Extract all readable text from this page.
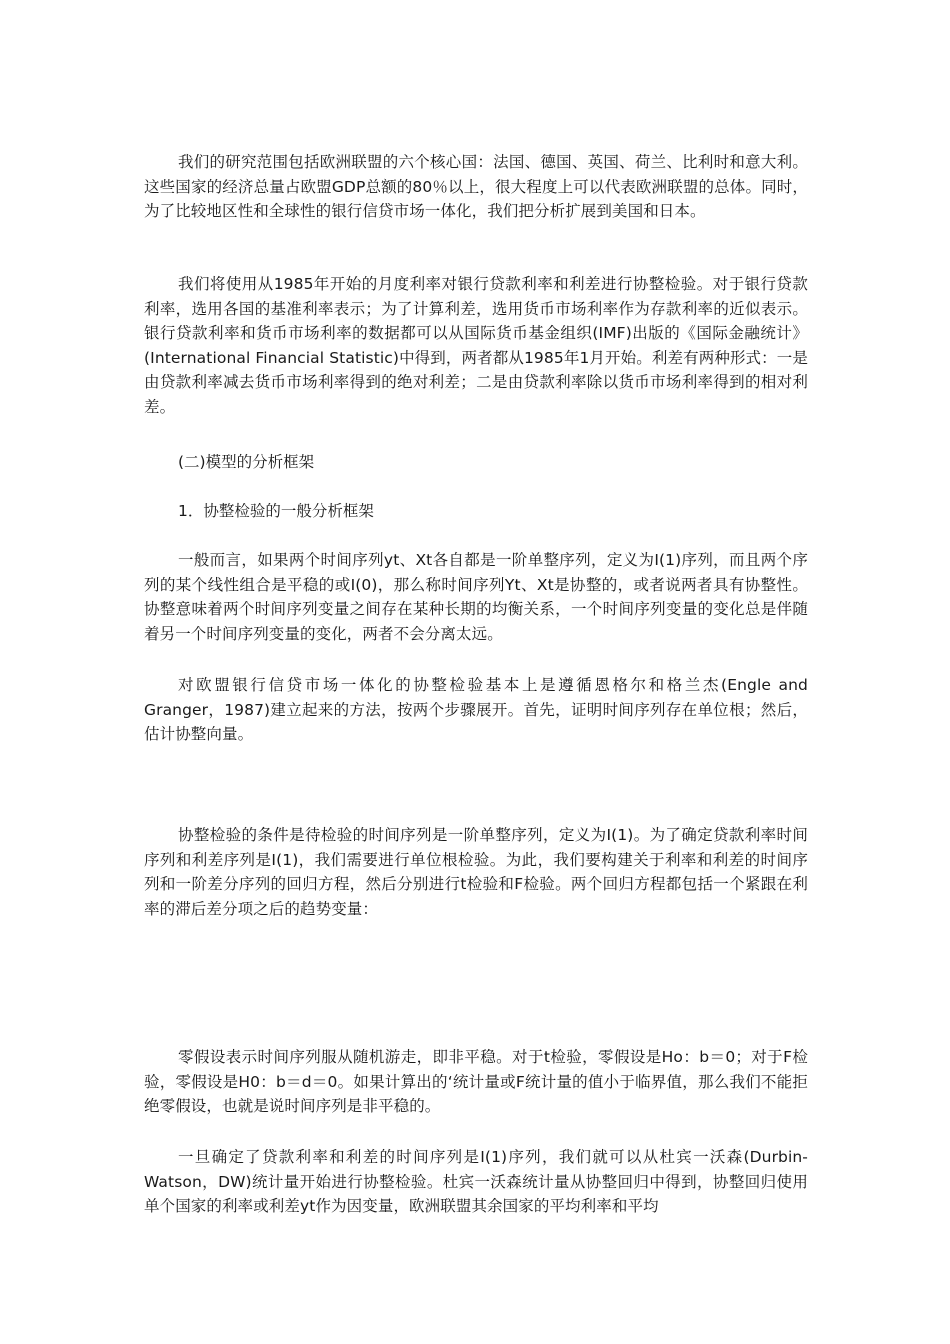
我们的研究范围包括欧洲联盟的六个核心国：法国、德国、英国、荷兰、比利时和意大利。这些国家的经济总量占欧盟GDP总额的80％以上，很大程度上可以代表欧洲联盟的总体。同时，为了比较地区性和全球性的银行信贷市场一体化，我们把分析扩展到美国和日本。

我们将使用从1985年开始的月度利率对银行贷款利率和利差进行协整检验。对于银行贷款利率，选用各国的基准利率表示；为了计算利差，选用货币市场利率作为存款利率的近似表示。银行贷款利率和货币市场利率的数据都可以从国际货币基金组织(IMF)出版的《国际金融统计》(International Financial Statistic)中得到，两者都从1985年1月开始。利差有两种形式：一是由贷款利率减去货币市场利率得到的绝对利差；二是由贷款利率除以货币市场利率得到的相对利差。

(二)模型的分析框架

1．协整检验的一般分析框架

一般而言，如果两个时间序列yt、Xt各自都是一阶单整序列，定义为I(1)序列，而且两个序列的某个线性组合是平稳的或I(0)，那么称时间序列Yt、Xt是协整的，或者说两者具有协整性。协整意味着两个时间序列变量之间存在某种长期的均衡关系，一个时间序列变量的变化总是伴随着另一个时间序列变量的变化，两者不会分离太远。

对欧盟银行信贷市场一体化的协整检验基本上是遵循恩格尔和格兰杰(Engle and Granger，1987)建立起来的方法，按两个步骤展开。首先，证明时间序列存在单位根；然后，估计协整向量。

协整检验的条件是待检验的时间序列是一阶单整序列，定义为I(1)。为了确定贷款利率时间序列和利差序列是I(1)，我们需要进行单位根检验。为此，我们要构建关于利率和利差的时间序列和一阶差分序列的回归方程，然后分别进行t检验和F检验。两个回归方程都包括一个紧跟在利率的滞后差分项之后的趋势变量：

零假设表示时间序列服从随机游走，即非平稳。对于t检验，零假设是Ho：b＝0；对于F检验，零假设是H0：b＝d＝0。如果计算出的‘统计量或F统计量的值小于临界值，那么我们不能拒绝零假设，也就是说时间序列是非平稳的。

一旦确定了贷款利率和利差的时间序列是I(1)序列，我们就可以从杜宾一沃森(Durbin-Watson，DW)统计量开始进行协整检验。杜宾一沃森统计量从协整回归中得到，协整回归使用单个国家的利率或利差yt作为因变量，欧洲联盟其余国家的平均利率和平均
